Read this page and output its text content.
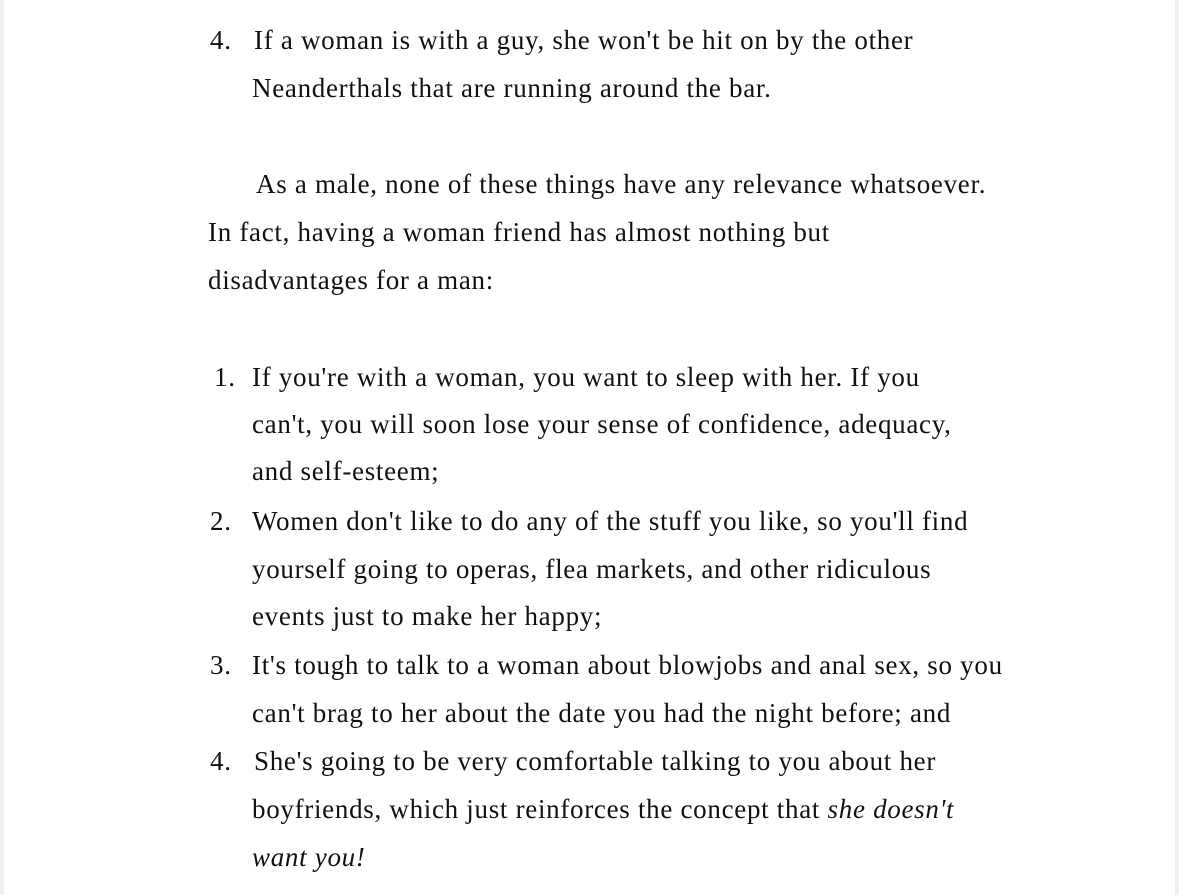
4. If a woman is with a guy, she won't be hit on by the other
Neanderthals that are running around the bar.
As a male, none of these things have any relevance whatsoever.
In fact, having a woman friend has almost nothing but
disadvantages for a man:
1. If you're with a woman, you want to sleep with her. If you
can't, you will soon lose your sense of confidence, adequacy,
and self-esteem;
2. Women don't like to do any of the stuff you like, so you'll find
yourself going to operas, flea markets, and other ridiculous
events just to make her happy;
3. It's tough to talk to a woman about blowjobs and anal sex, so you
can't brag to her about the date you had the night before; and
4. She's going to be very comfortable talking to you about her
boyfriends, which just reinforces the concept that she doesn't
want you!
